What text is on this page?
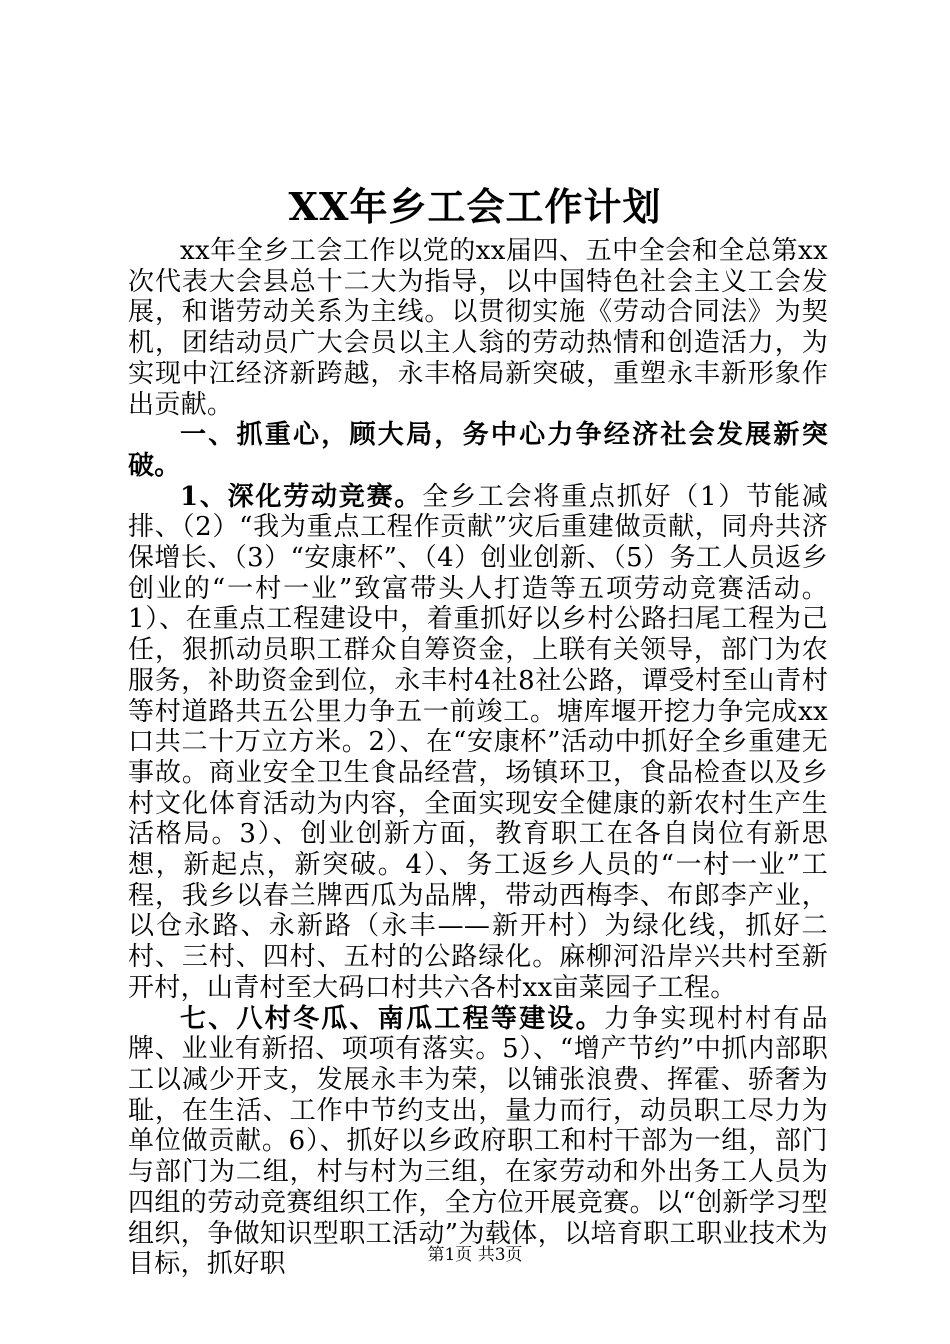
XX年乡工会工作计划

xx年全乡工会工作以党的xx届四、五中全会和全总第xx次代表大会县总十二大为指导，以中国特色社会主义工会发展，和谐劳动关系为主线。以贯彻实施《劳动合同法》为契机，团结动员广大会员以主人翁的劳动热情和创造活力，为实现中江经济新跨越，永丰格局新突破，重塑永丰新形象作出贡献。

一、抓重心，顾大局，务中心力争经济社会发展新突破。

1、深化劳动竞赛。全乡工会将重点抓好（1）节能减排、（2）“我为重点工程作贡献”灾后重建做贡献，同舟共济保增长、（3）“安康杯”、（4）创业创新、（5）务工人员返乡创业的“一村一业”致富带头人打造等五项劳动竞赛活动。1）、在重点工程建设中，着重抓好以乡村公路扫尾工程为己任，狠抓动员职工群众自筹资金，上联有关领导，部门为农服务，补助资金到位，永丰村4社8社公路，谭受村至山青村等村道路共五公里力争五一前竣工。塘库堰开挖力争完成xx口共二十万立方米。2）、在“安康杯”活动中抓好全乡重建无事故。商业安全卫生食品经营，场镇环卫，食品检查以及乡村文化体育活动为内容，全面实现安全健康的新农村生产生活格局。3）、创业创新方面，教育职工在各自岗位有新思想，新起点，新突破。4）、务工返乡人员的“一村一业”工程，我乡以春兰牌西瓜为品牌，带动西梅李、布郎李产业，以仓永路、永新路（永丰——新开村）为绿化线，抓好二村、三村、四村、五村的公路绿化。麻柳河沿岸兴共村至新开村，山青村至大码口村共六各村xx亩菜园子工程。

七、八村冬瓜、南瓜工程等建设。力争实现村村有品牌、业业有新招、项项有落实。5）、“增产节约”中抓内部职工以减少开支，发展永丰为荣，以铺张浪费、挥霍、骄奢为耻，在生活、工作中节约支出，量力而行，动员职工尽力为单位做贡献。6）、抓好以乡政府职工和村干部为一组，部门与部门为二组，村与村为三组，在家劳动和外出务工人员为四组的劳动竞赛组织工作，全方位开展竞赛。以“创新学习型组织，争做知识型职工活动”为载体，以培育职工职业技术为目标，抓好职	第1页 共3页
